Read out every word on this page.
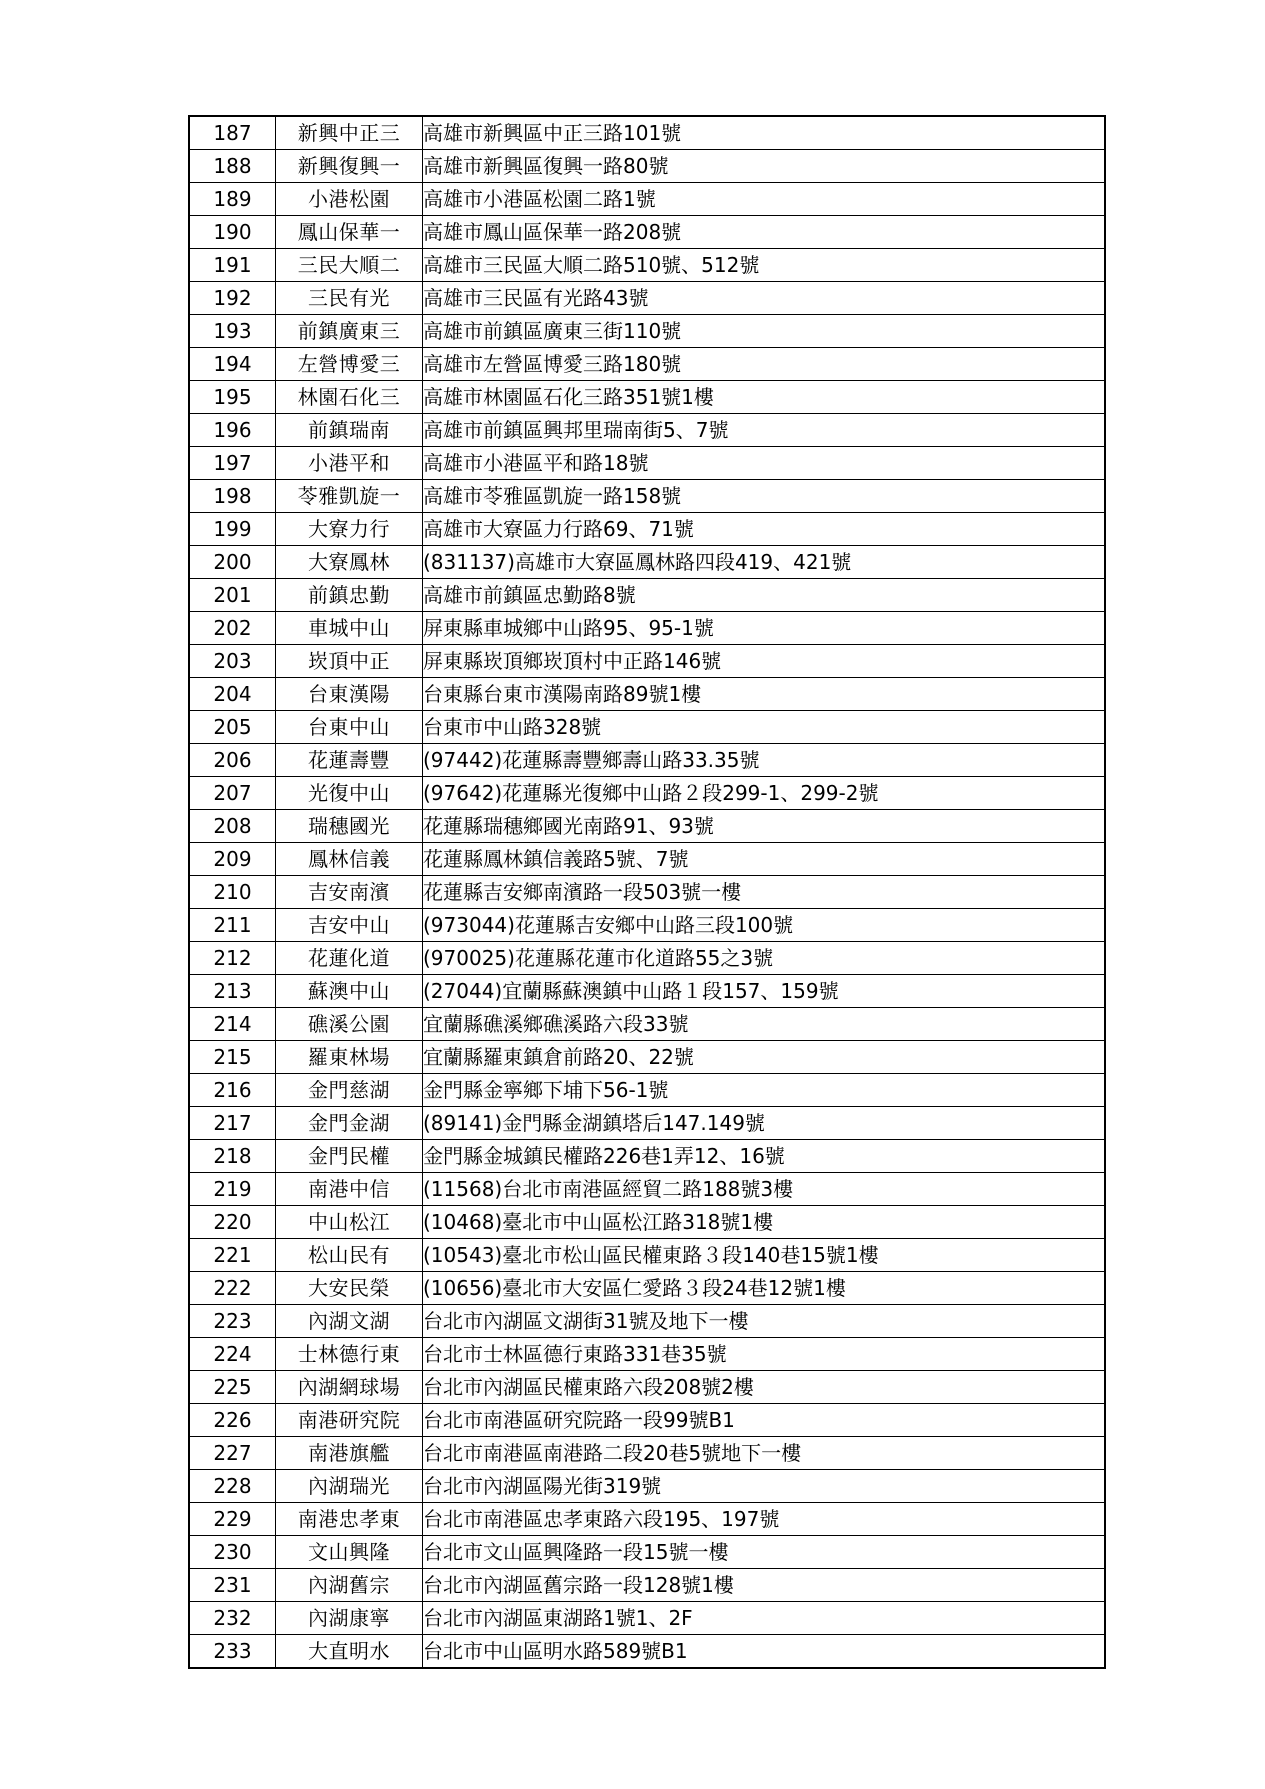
187	新興中正三	高雄市新興區中正三路101號
188	新興復興一	高雄市新興區復興一路80號
189	小港松園	高雄市小港區松園二路1號
190	鳳山保華一	高雄市鳳山區保華一路208號
191	三民大順二	高雄市三民區大順二路510號、512號
192	三民有光	高雄市三民區有光路43號
193	前鎮廣東三	高雄市前鎮區廣東三街110號
194	左營博愛三	高雄市左營區博愛三路180號
195	林園石化三	高雄市林園區石化三路351號1樓
196	前鎮瑞南	高雄市前鎮區興邦里瑞南街5、7號
197	小港平和	高雄市小港區平和路18號
198	苓雅凱旋一	高雄市苓雅區凱旋一路158號
199	大寮力行	高雄市大寮區力行路69、71號
200	大寮鳳林	(831137)高雄市大寮區鳳林路四段419、421號
201	前鎮忠勤	高雄市前鎮區忠勤路8號
202	車城中山	屏東縣車城鄉中山路95、95-1號
203	崁頂中正	屏東縣崁頂鄉崁頂村中正路146號
204	台東漢陽	台東縣台東市漢陽南路89號1樓
205	台東中山	台東市中山路328號
206	花蓮壽豐	(97442)花蓮縣壽豐鄉壽山路33.35號
207	光復中山	(97642)花蓮縣光復鄉中山路２段299-1、299-2號
208	瑞穗國光	花蓮縣瑞穗鄉國光南路91、93號
209	鳳林信義	花蓮縣鳳林鎮信義路5號、7號
210	吉安南濱	花蓮縣吉安鄉南濱路一段503號一樓
211	吉安中山	(973044)花蓮縣吉安鄉中山路三段100號
212	花蓮化道	(970025)花蓮縣花蓮市化道路55之3號
213	蘇澳中山	(27044)宜蘭縣蘇澳鎮中山路１段157、159號
214	礁溪公園	宜蘭縣礁溪鄉礁溪路六段33號
215	羅東林場	宜蘭縣羅東鎮倉前路20、22號
216	金門慈湖	金門縣金寧鄉下埔下56-1號
217	金門金湖	(89141)金門縣金湖鎮塔后147.149號
218	金門民權	金門縣金城鎮民權路226巷1弄12、16號
219	南港中信	(11568)台北市南港區經貿二路188號3樓
220	中山松江	(10468)臺北市中山區松江路318號1樓
221	松山民有	(10543)臺北市松山區民權東路３段140巷15號1樓
222	大安民榮	(10656)臺北市大安區仁愛路３段24巷12號1樓
223	內湖文湖	台北市內湖區文湖街31號及地下一樓
224	士林德行東	台北市士林區德行東路331巷35號
225	內湖網球場	台北市內湖區民權東路六段208號2樓
226	南港研究院	台北市南港區研究院路一段99號B1
227	南港旗艦	台北市南港區南港路二段20巷5號地下一樓
228	內湖瑞光	台北市內湖區陽光街319號
229	南港忠孝東	台北市南港區忠孝東路六段195、197號
230	文山興隆	台北市文山區興隆路一段15號一樓
231	內湖舊宗	台北市內湖區舊宗路一段128號1樓
232	內湖康寧	台北市內湖區東湖路1號1、2F
233	大直明水	台北市中山區明水路589號B1
